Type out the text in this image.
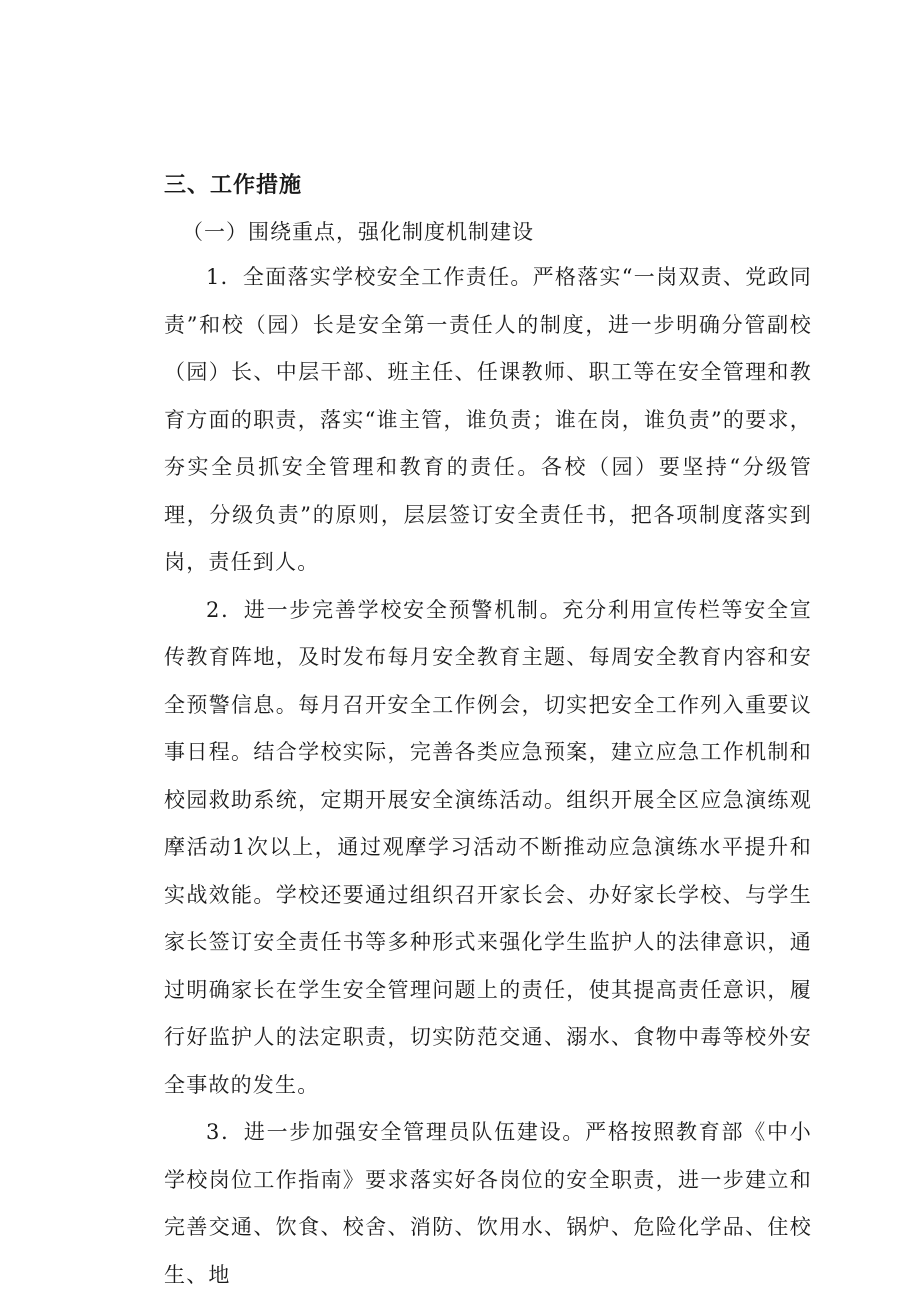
三、工作措施

（一）围绕重点，强化制度机制建设

1．全面落实学校安全工作责任。严格落实“一岗双责、党政同责”和校（园）长是安全第一责任人的制度，进一步明确分管副校（园）长、中层干部、班主任、任课教师、职工等在安全管理和教育方面的职责，落实“谁主管，谁负责；谁在岗，谁负责”的要求，夯实全员抓安全管理和教育的责任。各校（园）要坚持“分级管理，分级负责”的原则，层层签订安全责任书，把各项制度落实到岗，责任到人。

2．进一步完善学校安全预警机制。充分利用宣传栏等安全宣传教育阵地，及时发布每月安全教育主题、每周安全教育内容和安全预警信息。每月召开安全工作例会，切实把安全工作列入重要议事日程。结合学校实际，完善各类应急预案，建立应急工作机制和校园救助系统，定期开展安全演练活动。组织开展全区应急演练观摩活动1次以上，通过观摩学习活动不断推动应急演练水平提升和实战效能。学校还要通过组织召开家长会、办好家长学校、与学生家长签订安全责任书等多种形式来强化学生监护人的法律意识，通过明确家长在学生安全管理问题上的责任，使其提高责任意识，履行好监护人的法定职责，切实防范交通、溺水、食物中毒等校外安全事故的发生。

3．进一步加强安全管理员队伍建设。严格按照教育部《中小学校岗位工作指南》要求落实好各岗位的安全职责，进一步建立和完善交通、饮食、校舍、消防、饮用水、锅炉、危险化学品、住校生、地
